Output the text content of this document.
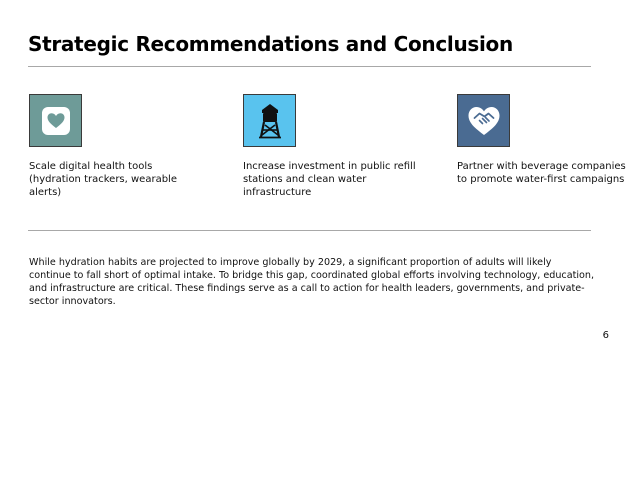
Strategic Recommendations and Conclusion
Scale digital health tools (hydration trackers, wearable alerts)
Increase investment in public refill stations and clean water infrastructure
Partner with beverage companies to promote water-first campaigns

While hydration habits are projected to improve globally by 2029, a significant proportion of adults will likely continue to fall short of optimal intake. To bridge this gap, coordinated global efforts involving technology, education, and infrastructure are critical. These findings serve as a call to action for health leaders, governments, and private-sector innovators.

6
